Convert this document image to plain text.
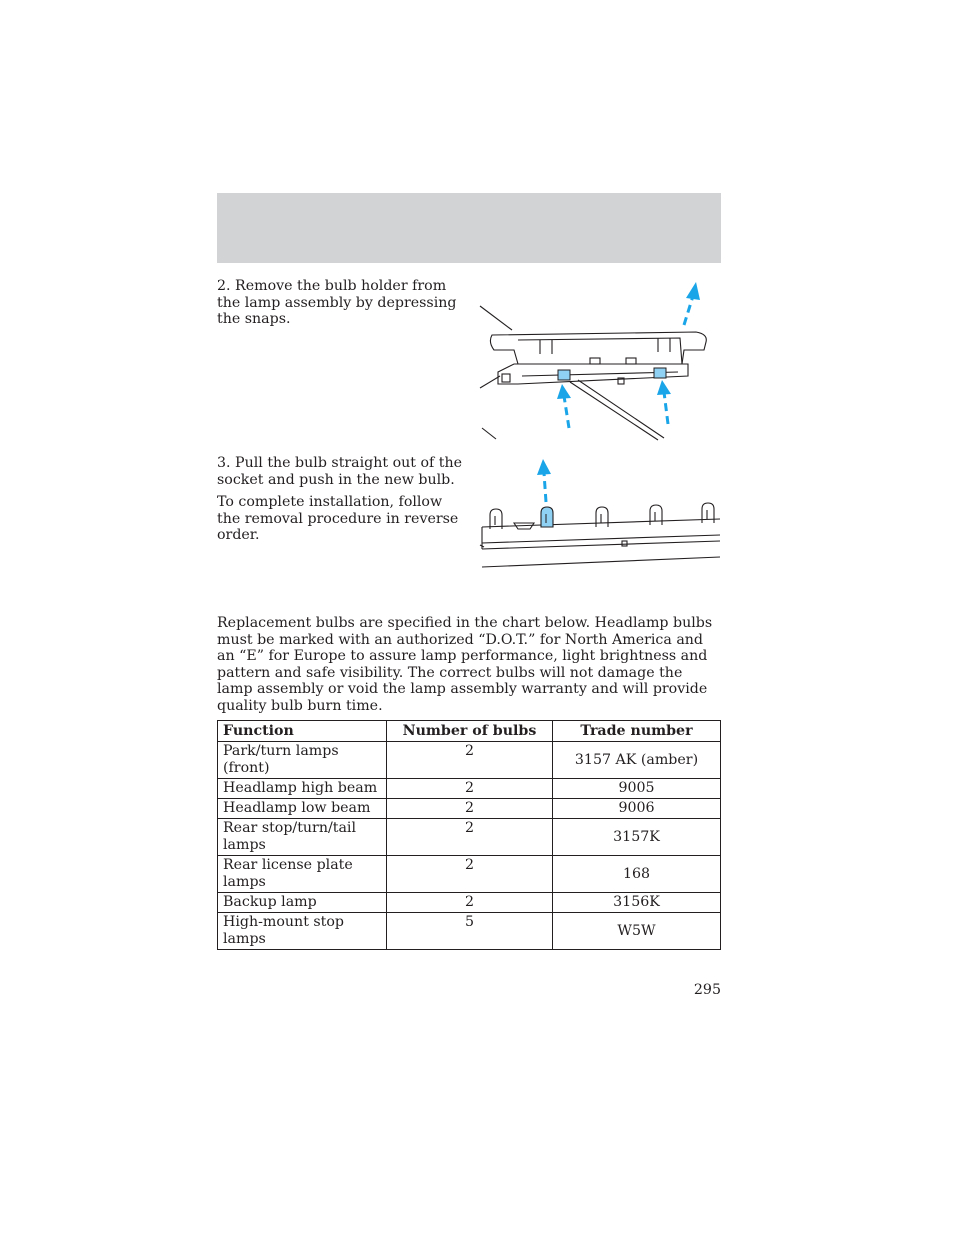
2. Remove the bulb holder from the lamp assembly by depressing the snaps.

3. Pull the bulb straight out of the socket and push in the new bulb.

To complete installation, follow the removal procedure in reverse order.

Replacement bulbs are specified in the chart below. Headlamp bulbs must be marked with an authorized “D.O.T.” for North America and an “E” for Europe to assure lamp performance, light brightness and pattern and safe visibility. The correct bulbs will not damage the lamp assembly or void the lamp assembly warranty and will provide quality bulb burn time.

Function	Number of bulbs	Trade number
Park/turn lamps (front)	2	3157 AK (amber)
Headlamp high beam	2	9005
Headlamp low beam	2	9006
Rear stop/turn/tail lamps	2	3157K
Rear license plate lamps	2	168
Backup lamp	2	3156K
High-mount stop lamps	5	W5W
295
